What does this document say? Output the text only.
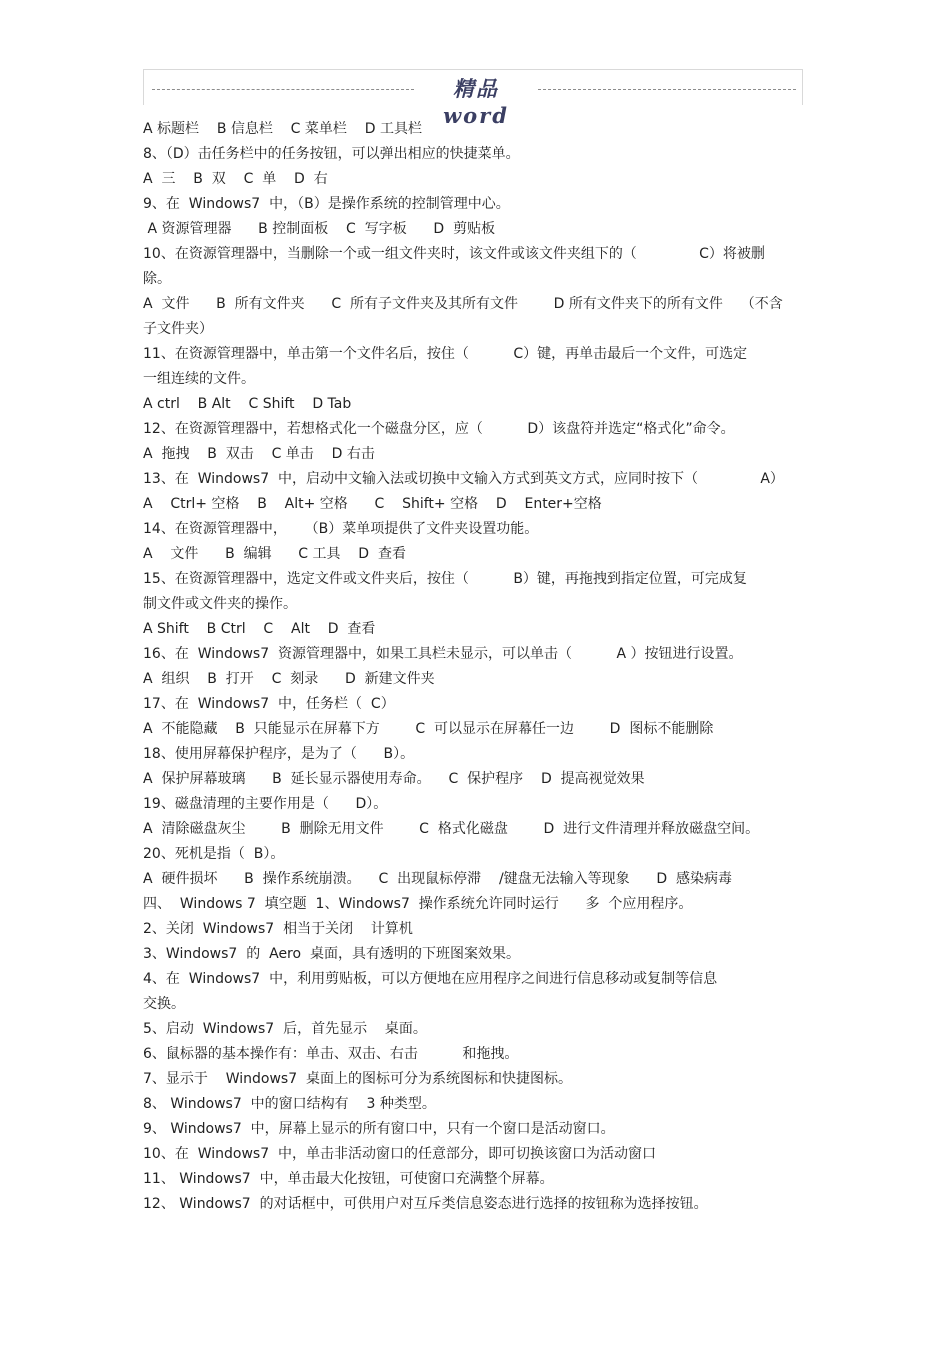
精品word
A 标题栏    B 信息栏    C 菜单栏    D 工具栏
8、（D）击任务栏中的任务按钮，可以弹出相应的快捷菜单。
A  三    B  双    C  单    D  右
9、在  Windows7  中，（B）是操作系统的控制管理中心。
A 资源管理器      B 控制面板    C  写字板      D  剪贴板
10、在资源管理器中，当删除一个或一组文件夹时，该文件或该文件夹组下的（              C）将被删
除。
A  文件      B  所有文件夹      C  所有子文件夹及其所有文件        D 所有文件夹下的所有文件    （不含
子文件夹）
11、在资源管理器中，单击第一个文件名后，按住（          C）键，再单击最后一个文件，可选定
一组连续的文件。
A ctrl    B Alt    C Shift    D Tab
12、在资源管理器中，若想格式化一个磁盘分区，应（          D）该盘符并选定“格式化”命令。
A  拖拽    B  双击    C 单击    D 右击
13、在  Windows7  中，启动中文输入法或切换中文输入方式到英文方式，应同时按下（              A）
A    Ctrl+ 空格    B    Alt+ 空格      C    Shift+ 空格    D    Enter+空格
14、在资源管理器中，    （B）菜单项提供了文件夹设置功能。
A    文件      B  编辑      C 工具    D  查看
15、在资源管理器中，选定文件或文件夹后，按住（          B）键，再拖拽到指定位置，可完成复
制文件或文件夹的操作。
A Shift    B Ctrl    C    Alt    D  查看
16、在  Windows7  资源管理器中，如果工具栏未显示，可以单击（          A ）按钮进行设置。
A  组织    B  打开    C  刻录      D  新建文件夹
17、在  Windows7  中，任务栏（  C）
A  不能隐藏    B  只能显示在屏幕下方        C  可以显示在屏幕任一边        D  图标不能删除
18、使用屏幕保护程序，是为了（      B）。
A  保护屏幕玻璃      B  延长显示器使用寿命。    C  保护程序    D  提高视觉效果
19、磁盘清理的主要作用是（      D）。
A  清除磁盘灰尘        B  删除无用文件        C  格式化磁盘        D  进行文件清理并释放磁盘空间。
20、死机是指（  B）。
A  硬件损坏      B  操作系统崩溃。    C  出现鼠标停滞    /键盘无法输入等现象      D  感染病毒
四、  Windows 7  填空题  1、Windows7  操作系统允许同时运行      多  个应用程序。
2、关闭  Windows7  相当于关闭    计算机
3、Windows7  的  Aero  桌面，具有透明的下班图案效果。
4、在  Windows7  中，利用剪贴板，可以方便地在应用程序之间进行信息移动或复制等信息
交换。
5、启动  Windows7  后，首先显示    桌面。
6、鼠标器的基本操作有：单击、双击、右击          和拖拽。
7、显示于    Windows7  桌面上的图标可分为系统图标和快捷图标。
8、 Windows7  中的窗口结构有    3 种类型。
9、 Windows7  中，屏幕上显示的所有窗口中，只有一个窗口是活动窗口。
10、在  Windows7  中，单击非活动窗口的任意部分，即可切换该窗口为活动窗口
11、 Windows7  中，单击最大化按钮，可使窗口充满整个屏幕。
12、 Windows7  的对话框中，可供用户对互斥类信息姿态进行选择的按钮称为选择按钮。
